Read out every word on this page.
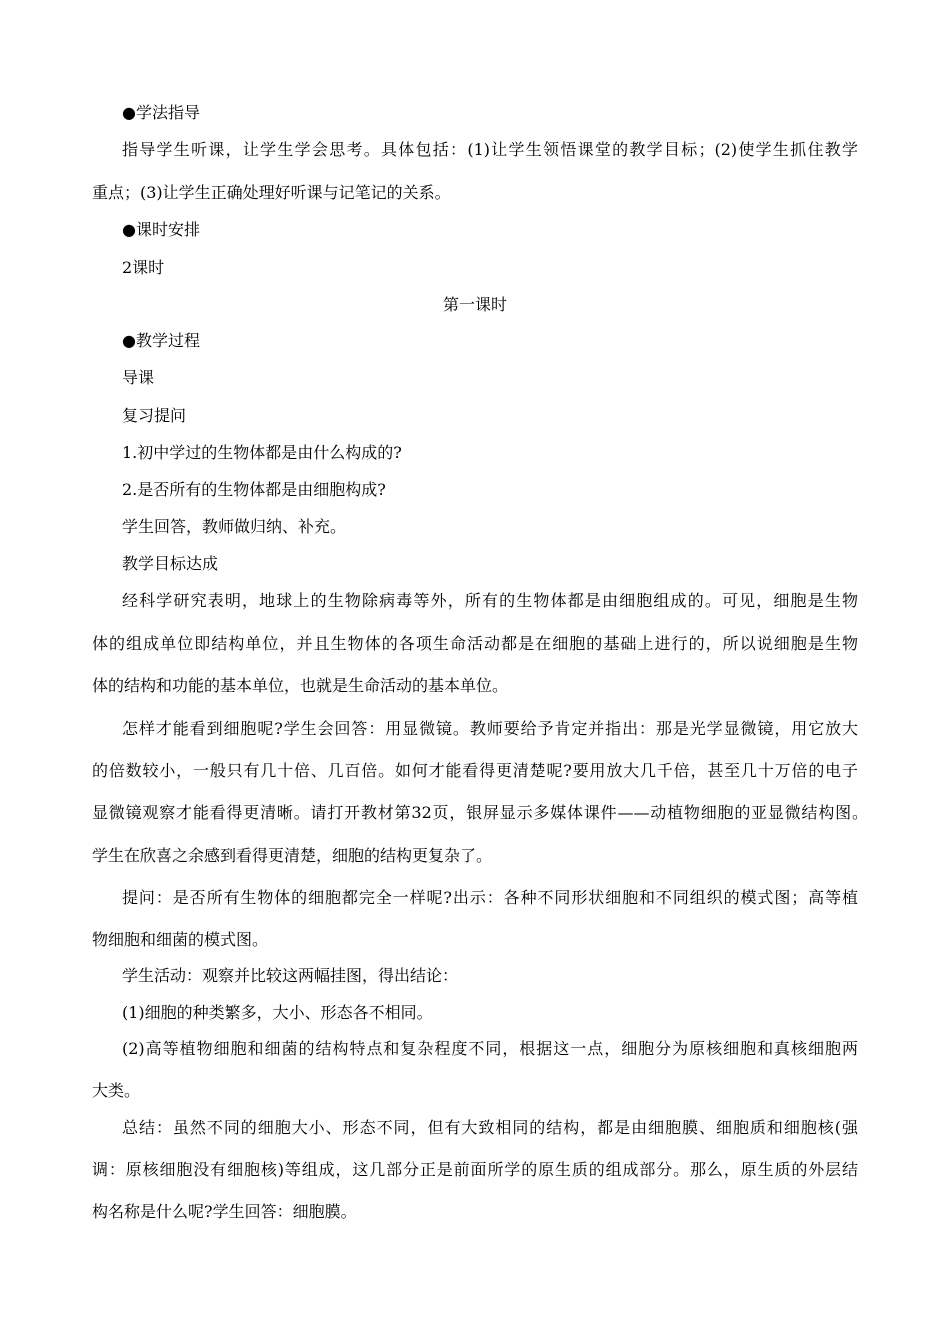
●学法指导
指导学生听课，让学生学会思考。具体包括：(1)让学生领悟课堂的教学目标；(2)使学生抓住教学
重点；(3)让学生正确处理好听课与记笔记的关系。
●课时安排
2课时
第一课时
●教学过程
导课
复习提问
1.初中学过的生物体都是由什么构成的?
2.是否所有的生物体都是由细胞构成?
学生回答，教师做归纳、补充。
教学目标达成
经科学研究表明，地球上的生物除病毒等外，所有的生物体都是由细胞组成的。可见，细胞是生物
体的组成单位即结构单位，并且生物体的各项生命活动都是在细胞的基础上进行的，所以说细胞是生物
体的结构和功能的基本单位，也就是生命活动的基本单位。
怎样才能看到细胞呢?学生会回答：用显微镜。教师要给予肯定并指出：那是光学显微镜，用它放大
的倍数较小，一般只有几十倍、几百倍。如何才能看得更清楚呢?要用放大几千倍，甚至几十万倍的电子
显微镜观察才能看得更清晰。请打开教材第32页，银屏显示多媒体课件——动植物细胞的亚显微结构图。
学生在欣喜之余感到看得更清楚，细胞的结构更复杂了。
提问：是否所有生物体的细胞都完全一样呢?出示：各种不同形状细胞和不同组织的模式图；高等植
物细胞和细菌的模式图。
学生活动：观察并比较这两幅挂图，得出结论：
(1)细胞的种类繁多，大小、形态各不相同。
(2)高等植物细胞和细菌的结构特点和复杂程度不同，根据这一点，细胞分为原核细胞和真核细胞两
大类。
总结：虽然不同的细胞大小、形态不同，但有大致相同的结构，都是由细胞膜、细胞质和细胞核(强
调：原核细胞没有细胞核)等组成，这几部分正是前面所学的原生质的组成部分。那么，原生质的外层结
构名称是什么呢?学生回答：细胞膜。
